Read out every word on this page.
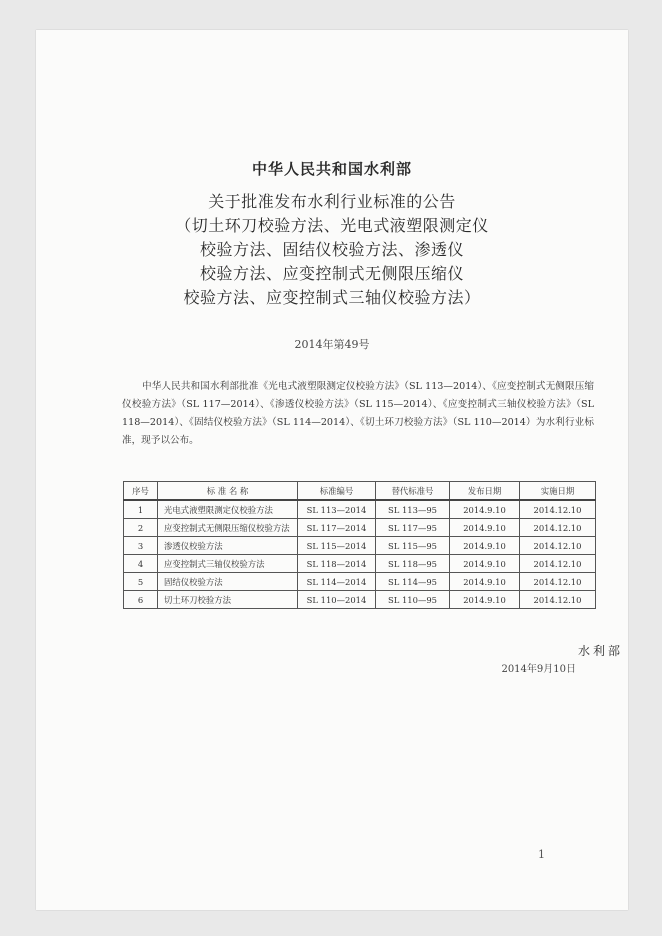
中华人民共和国水利部
关于批准发布水利行业标准的公告
（切土环刀校验方法、光电式液塑限测定仪
校验方法、固结仪校验方法、渗透仪
校验方法、应变控制式无侧限压缩仪
校验方法、应变控制式三轴仪校验方法）
2014年第49号
中华人民共和国水利部批准《光电式液塑限测定仪校验方法》（SL 113—2014）、《应变控制式无侧限压缩仪校验方法》（SL 117—2014）、《渗透仪校验方法》（SL 115—2014）、《应变控制式三轴仪校验方法》（SL 118—2014）、《固结仪校验方法》（SL 114—2014）、《切土环刀校验方法》（SL 110—2014）为水利行业标准，现予以公布。
序号	标 准 名 称	标准编号	替代标准号	发布日期	实施日期
1	光电式液塑限测定仪校验方法	SL 113—2014	SL 113—95	2014.9.10	2014.12.10
2	应变控制式无侧限压缩仪校验方法	SL 117—2014	SL 117—95	2014.9.10	2014.12.10
3	渗透仪校验方法	SL 115—2014	SL 115—95	2014.9.10	2014.12.10
4	应变控制式三轴仪校验方法	SL 118—2014	SL 118—95	2014.9.10	2014.12.10
5	固结仪校验方法	SL 114—2014	SL 114—95	2014.9.10	2014.12.10
6	切土环刀校验方法	SL 110—2014	SL 110—95	2014.9.10	2014.12.10
水利部
2014年9月10日
1
